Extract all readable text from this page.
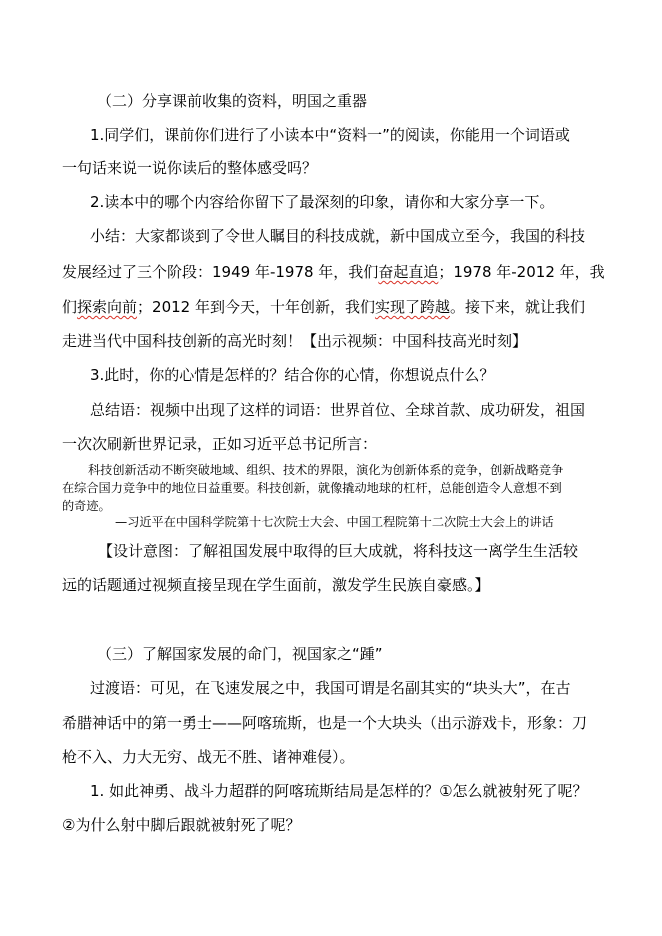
（二）分享课前收集的资料，明国之重器
1.同学们，课前你们进行了小读本中“资料一”的阅读，你能用一个词语或
一句话来说一说你读后的整体感受吗？
2.读本中的哪个内容给你留下了最深刻的印象，请你和大家分享一下。
小结：大家都谈到了令世人瞩目的科技成就，新中国成立至今，我国的科技
发展经过了三个阶段：1949 年-1978 年，我们奋起直追；1978 年-2012 年，我
们探索向前；2012 年到今天，十年创新，我们实现了跨越。接下来，就让我们
走进当代中国科技创新的高光时刻！【出示视频：中国科技高光时刻】
3.此时，你的心情是怎样的？结合你的心情，你想说点什么？
总结语：视频中出现了这样的词语：世界首位、全球首款、成功研发，祖国
一次次刷新世界记录，正如习近平总书记所言：
科技创新活动不断突破地域、组织、技术的界限，演化为创新体系的竞争，创新战略竞争
在综合国力竞争中的地位日益重要。科技创新，就像撬动地球的杠杆，总能创造令人意想不到
的奇迹。
—习近平在中国科学院第十七次院士大会、中国工程院第十二次院士大会上的讲话
【设计意图：了解祖国发展中取得的巨大成就，将科技这一离学生生活较
远的话题通过视频直接呈现在学生面前，激发学生民族自豪感。】
（三）了解国家发展的命门，视国家之“踵”
过渡语：可见，在飞速发展之中，我国可谓是名副其实的“块头大”，在古
希腊神话中的第一勇士——阿喀琉斯，也是一个大块头（出示游戏卡，形象：刀
枪不入、力大无穷、战无不胜、诸神难侵）。
1. 如此神勇、战斗力超群的阿喀琉斯结局是怎样的？①怎么就被射死了呢？
②为什么射中脚后跟就被射死了呢？
